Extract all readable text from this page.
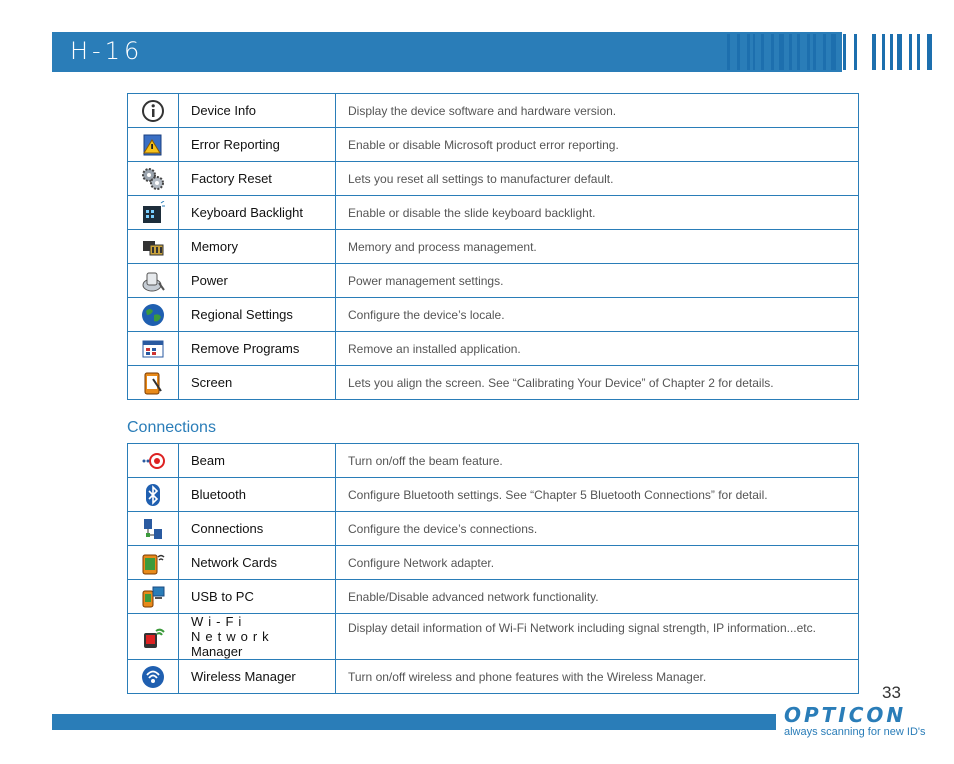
H-16
	Device Info	Display the device software and hardware version.
	Error Reporting	Enable or disable Microsoft product error reporting.
	Factory Reset	Lets you reset all settings to manufacturer default.
	Keyboard Backlight	Enable or disable the slide keyboard backlight.
	Memory	Memory and process management.
	Power	Power management settings.
	Regional Settings	Configure the device’s locale.
	Remove Programs	Remove an installed application.
	Screen	Lets you align the screen. See “Calibrating Your Device” of Chapter 2 for details.
Connections
	Beam	Turn on/off the beam feature.
	Bluetooth	Configure Bluetooth settings. See “Chapter 5 Bluetooth Connections” for detail.
	Connections	Configure the device’s connections.
	Network Cards	Configure Network adapter.
	USB to PC	Enable/Disable advanced network functionality.

Wi-Fi Network
Manager	Display detail information of Wi-Fi Network including signal strength, IP information...etc.
	Wireless Manager	Turn on/off wireless and phone features with the Wireless Manager.
33
OPTICON
always scanning for new ID's
